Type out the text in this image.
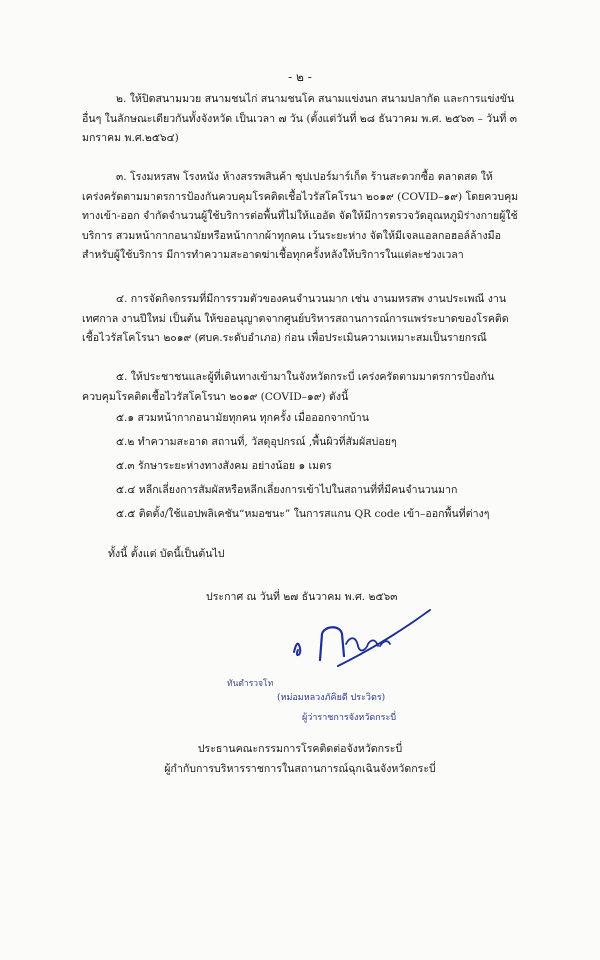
- ๒ -

๒. ให้ปิดสนามมวย สนามชนไก่ สนามชนโค สนามแข่งนก สนามปลากัด และการแข่งขันอื่นๆ ในลักษณะเดียวกันทั้งจังหวัด เป็นเวลา ๗ วัน (ตั้งแต่วันที่ ๒๘ ธันวาคม พ.ศ. ๒๕๖๓ – วันที่ ๓ มกราคม พ.ศ.๒๕๖๔)

๓. โรงมหรสพ โรงหนัง ห้างสรรพสินค้า ซุปเปอร์มาร์เก็ต ร้านสะดวกซื้อ ตลาดสด ให้เคร่งครัดตามมาตรการป้องกันควบคุมโรคติดเชื้อไวรัสโคโรนา ๒๐๑๙ (COVID–๑๙) โดยควบคุมทางเข้า-ออก จำกัดจำนวนผู้ใช้บริการต่อพื้นที่ไม่ให้แออัด จัดให้มีการตรวจวัดอุณหภูมิร่างกายผู้ใช้บริการ สวมหน้ากากอนามัยหรือหน้ากากผ้าทุกคน เว้นระยะห่าง จัดให้มีเจลแอลกอฮอล์ล้างมือสำหรับผู้ใช้บริการ มีการทำความสะอาดฆ่าเชื้อทุกครั้งหลังให้บริการในแต่ละช่วงเวลา

๔. การจัดกิจกรรมที่มีการรวมตัวของคนจำนวนมาก เช่น งานมหรสพ งานประเพณี งานเทศกาล งานปีใหม่ เป็นต้น ให้ขออนุญาตจากศูนย์บริหารสถานการณ์การแพร่ระบาดของโรคติดเชื้อไวรัสโคโรนา ๒๐๑๙ (ศบค.ระดับอำเภอ) ก่อน เพื่อประเมินความเหมาะสมเป็นรายกรณี

๕. ให้ประชาชนและผู้ที่เดินทางเข้ามาในจังหวัดกระบี่ เคร่งครัดตามมาตรการป้องกันควบคุมโรคติดเชื้อไวรัสโคโรนา ๒๐๑๙ (COVID–๑๙) ดังนี้

๕.๑ สวมหน้ากากอนามัยทุกคน ทุกครั้ง เมื่อออกจากบ้าน

๕.๒ ทำความสะอาด สถานที่, วัสดุอุปกรณ์ ,พื้นผิวที่สัมผัสบ่อยๆ

๕.๓ รักษาระยะห่างทางสังคม อย่างน้อย ๑ เมตร

๕.๔ หลีกเลี่ยงการสัมผัสหรือหลีกเลี่ยงการเข้าไปในสถานที่ที่มีคนจำนวนมาก

๕.๕ ติดตั้ง/ใช้แอปพลิเคชัน“หมอชนะ” ในการสแกน QR code เข้า–ออกพื้นที่ต่างๆ

ทั้งนี้ ตั้งแต่ บัดนี้เป็นต้นไป
ประกาศ ณ วันที่ ๒๗ ธันวาคม พ.ศ. ๒๕๖๓
ทันตำรวจโท
(หม่อมหลวงภัคิยดี ประวิตร)
ผู้ว่าราชการจังหวัดกระบี่
ประธานคณะกรรมการโรคติดต่อจังหวัดกระบี่
ผู้กำกับการบริหารราชการในสถานการณ์ฉุกเฉินจังหวัดกระบี่
